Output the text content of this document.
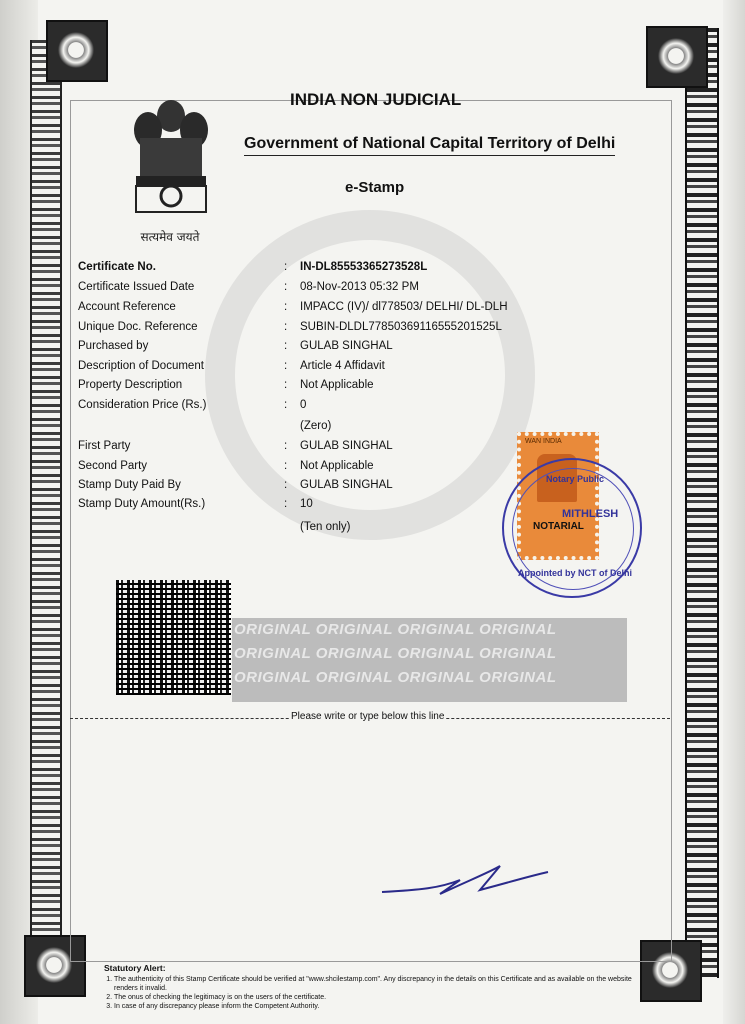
सत्यमेव जयते
INDIA NON JUDICIAL
Government of National Capital Territory of Delhi
e-Stamp
Certificate No.	: IN-DL85553365273528L
Certificate Issued Date	: 08-Nov-2013 05:32 PM
Account Reference	: IMPACC (IV)/ dl778503/ DELHI/ DL-DLH
Unique Doc. Reference	: SUBIN-DLDL77850369116555201525L
Purchased by	: GULAB SINGHAL
Description of Document	: Article 4 Affidavit
Property Description	: Not Applicable
Consideration Price (Rs.)	: 0
(Zero)
First Party	: GULAB SINGHAL
Second Party	: Not Applicable
Stamp Duty Paid By	: GULAB SINGHAL
Stamp Duty Amount(Rs.)	: 10
(Ten only)
WAN INDIA
Notary Public
MITHLESH
Appointed by NCT of Delhi
NOTARIAL
ORIGINAL ORIGINAL ORIGINAL ORIGINAL
ORIGINAL ORIGINAL ORIGINAL ORIGINAL
ORIGINAL ORIGINAL ORIGINAL ORIGINAL
Please write or type below this line
Statutory Alert:
1. The authenticity of this Stamp Certificate should be verified at "www.shcilestamp.com". Any discrepancy in the details on this Certificate and as available on the website renders it invalid.
2. The onus of checking the legitimacy is on the users of the certificate.
3. In case of any discrepancy please inform the Competent Authority.
